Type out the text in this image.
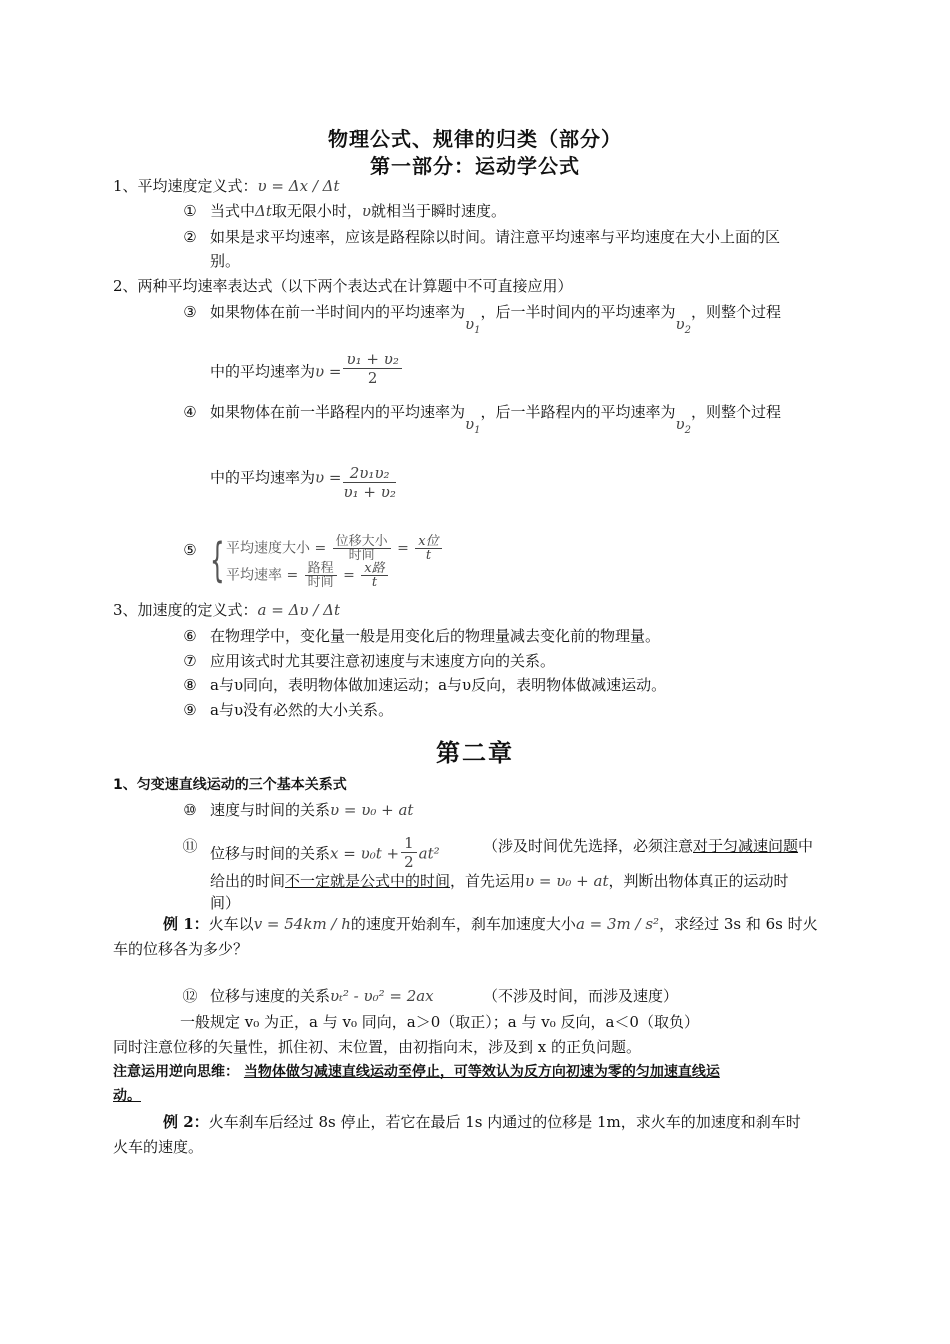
物理公式、规律的归类（部分）
第一部分：运动学公式
1、平均速度定义式：υ = Δx / Δt
① 当式中Δt取无限小时，υ就相当于瞬时速度。
② 如果是求平均速率，应该是路程除以时间。请注意平均速率与平均速度在大小上面的区
别。
2、两种平均速率表达式（以下两个表达式在计算题中不可直接应用）
③ 如果物体在前一半时间内的平均速率为$\upsilon_1$，后一半时间内的平均速率为$\upsilon_2$，则整个过程
中的平均速率为$\upsilon = \frac{\text{υ₁ + υ₂}}{2}$
④ 如果物体在前一半路程内的平均速率为$\upsilon_1$，后一半路程内的平均速率为$\upsilon_2$，则整个过程
中的平均速率为$\upsilon = \frac{\text{2υ₁υ₂}}{\text{υ₁ + υ₂}}$
⑤ { 平均速度大小 = $\frac{\text{位移大小}}{\text{时间}} = \frac{\text{x位}}{t}$
平均速率 = $\frac{\text{路程}}{\text{时间}} = \frac{\text{x路}}{t}$
3、加速度的定义式：a = Δυ / Δt
⑥ 在物理学中，变化量一般是用变化后的物理量减去变化前的物理量。
⑦ 应用该式时尤其要注意初速度与末速度方向的关系。
⑧ a与υ同向，表明物体做加速运动；a与υ反向，表明物体做减速运动。
⑨ a与υ没有必然的大小关系。
第二章
1、匀变速直线运动的三个基本关系式
⑩ 速度与时间的关系υ = υ₀ + at
⑪ 位移与时间的关系$x = \upsilon_0t + \frac{1}{2} at^2$	（涉及时间优先选择，必须注意对于匀减速问题中
给出的时间不一定就是公式中的时间，首先运用υ = υ₀ + at，判断出物体真正的运动时
间）
例 1：火车以v = 54km / h的速度开始刹车，刹车加速度大小a = 3m / s²，求经过 3s 和 6s 时火
车的位移各为多少？
⑫ 位移与速度的关系υₜ² - υ₀² = 2ax	（不涉及时间，而涉及速度）
一般规定 v₀ 为正，a 与 v₀ 同向，a＞0（取正）；a 与 v₀ 反向，a＜0（取负）
同时注意位移的矢量性，抓住初、末位置，由初指向末，涉及到 x 的正负问题。
注意运用逆向思维： 当物体做匀减速直线运动至停止，可等效认为反方向初速为零的匀加速直线运
动。
例 2：火车刹车后经过 8s 停止，若它在最后 1s 内通过的位移是 1m，求火车的加速度和刹车时
火车的速度。
